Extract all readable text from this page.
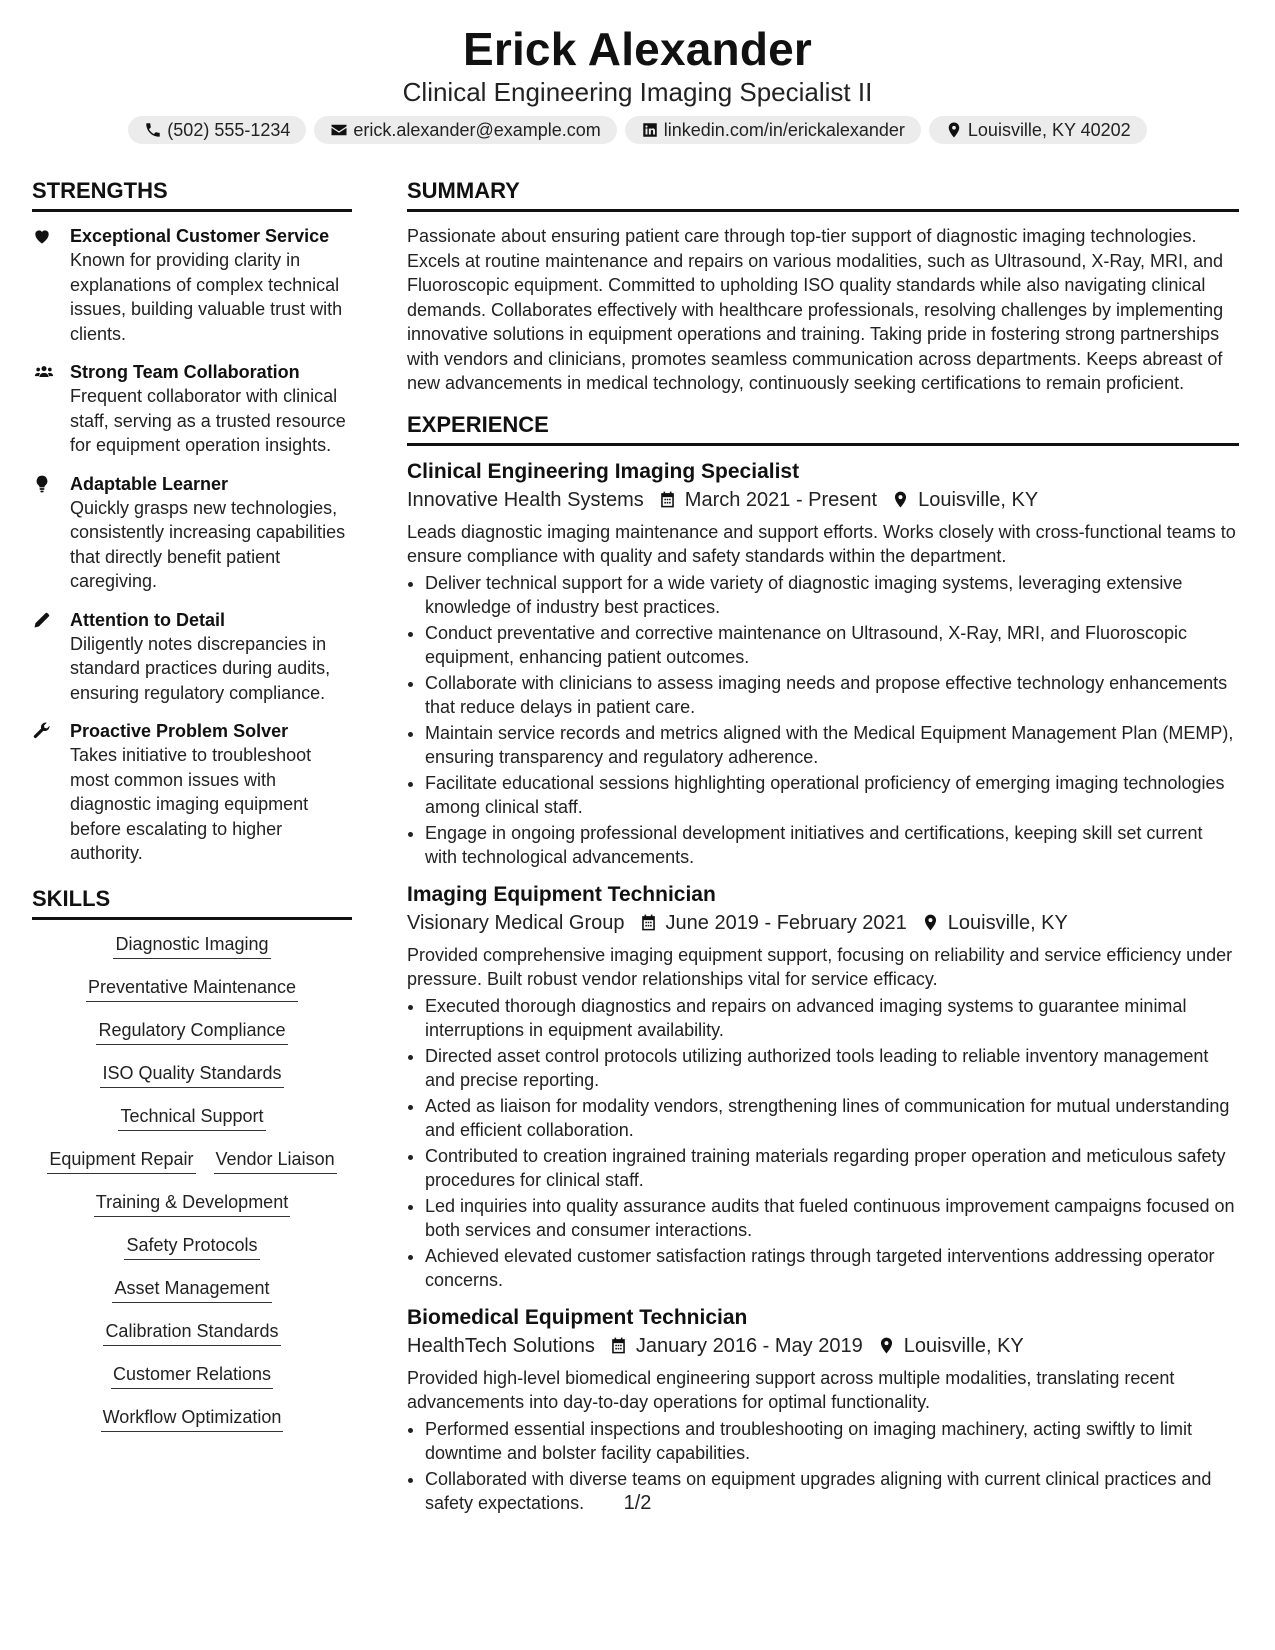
Erick Alexander
Clinical Engineering Imaging Specialist II
(502) 555-1234	erick.alexander@example.com	linkedin.com/in/erickalexander	Louisville, KY 40202
STRENGTHS
Exceptional Customer Service
Known for providing clarity in explanations of complex technical issues, building valuable trust with clients.
Strong Team Collaboration
Frequent collaborator with clinical staff, serving as a trusted resource for equipment operation insights.
Adaptable Learner
Quickly grasps new technologies, consistently increasing capabilities that directly benefit patient caregiving.
Attention to Detail
Diligently notes discrepancies in standard practices during audits, ensuring regulatory compliance.
Proactive Problem Solver
Takes initiative to troubleshoot most common issues with diagnostic imaging equipment before escalating to higher authority.
SKILLS
Diagnostic Imaging
Preventative Maintenance
Regulatory Compliance
ISO Quality Standards
Technical Support
Equipment Repair Vendor Liaison
Training & Development
Safety Protocols
Asset Management
Calibration Standards
Customer Relations
Workflow Optimization
SUMMARY
Passionate about ensuring patient care through top-tier support of diagnostic imaging technologies. Excels at routine maintenance and repairs on various modalities, such as Ultrasound, X-Ray, MRI, and Fluoroscopic equipment. Committed to upholding ISO quality standards while also navigating clinical demands. Collaborates effectively with healthcare professionals, resolving challenges by implementing innovative solutions in equipment operations and training. Taking pride in fostering strong partnerships with vendors and clinicians, promotes seamless communication across departments. Keeps abreast of new advancements in medical technology, continuously seeking certifications to remain proficient.
EXPERIENCE
Clinical Engineering Imaging Specialist
Innovative Health Systems March 2021 - Present Louisville, KY
Leads diagnostic imaging maintenance and support efforts. Works closely with cross-functional teams to ensure compliance with quality and safety standards within the department.
• Deliver technical support for a wide variety of diagnostic imaging systems, leveraging extensive knowledge of industry best practices.
• Conduct preventative and corrective maintenance on Ultrasound, X-Ray, MRI, and Fluoroscopic equipment, enhancing patient outcomes.
• Collaborate with clinicians to assess imaging needs and propose effective technology enhancements that reduce delays in patient care.
• Maintain service records and metrics aligned with the Medical Equipment Management Plan (MEMP), ensuring transparency and regulatory adherence.
• Facilitate educational sessions highlighting operational proficiency of emerging imaging technologies among clinical staff.
• Engage in ongoing professional development initiatives and certifications, keeping skill set current with technological advancements.
Imaging Equipment Technician
Visionary Medical Group June 2019 - February 2021 Louisville, KY
Provided comprehensive imaging equipment support, focusing on reliability and service efficiency under pressure. Built robust vendor relationships vital for service efficacy.
• Executed thorough diagnostics and repairs on advanced imaging systems to guarantee minimal interruptions in equipment availability.
• Directed asset control protocols utilizing authorized tools leading to reliable inventory management and precise reporting.
• Acted as liaison for modality vendors, strengthening lines of communication for mutual understanding and efficient collaboration.
• Contributed to creation ingrained training materials regarding proper operation and meticulous safety procedures for clinical staff.
• Led inquiries into quality assurance audits that fueled continuous improvement campaigns focused on both services and consumer interactions.
• Achieved elevated customer satisfaction ratings through targeted interventions addressing operator concerns.
Biomedical Equipment Technician
HealthTech Solutions January 2016 - May 2019 Louisville, KY
Provided high-level biomedical engineering support across multiple modalities, translating recent advancements into day-to-day operations for optimal functionality.
• Performed essential inspections and troubleshooting on imaging machinery, acting swiftly to limit downtime and bolster facility capabilities.
• Collaborated with diverse teams on equipment upgrades aligning with current clinical practices and safety expectations.	1/2
